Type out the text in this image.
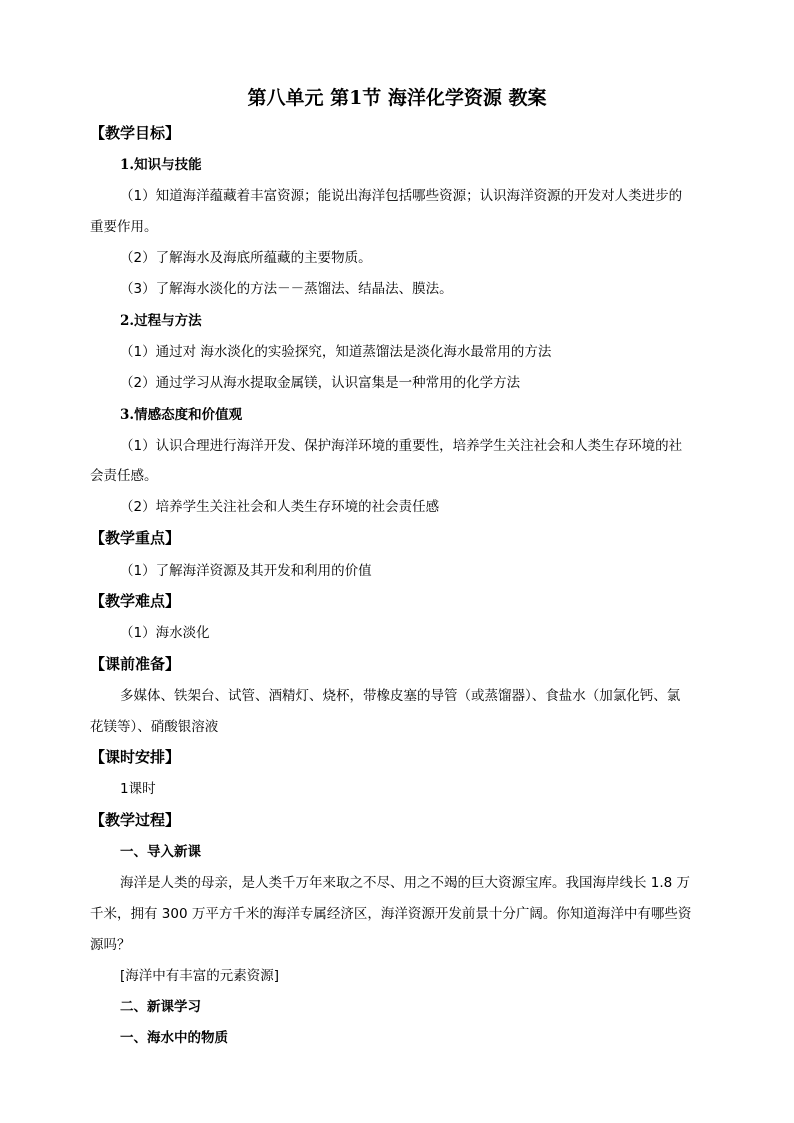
第八单元 第1节 海洋化学资源 教案
【教学目标】
1.知识与技能
（1）知道海洋蕴藏着丰富资源；能说出海洋包括哪些资源；认识海洋资源的开发对人类进步的
重要作用。
（2）了解海水及海底所蕴藏的主要物质。
（3）了解海水淡化的方法－－蒸馏法、结晶法、膜法。
2.过程与方法
（1）通过对 海水淡化的实验探究，知道蒸馏法是淡化海水最常用的方法
（2）通过学习从海水提取金属镁，认识富集是一种常用的化学方法
3.情感态度和价值观
（1）认识合理进行海洋开发、保护海洋环境的重要性，培养学生关注社会和人类生存环境的社
会责任感。
（2）培养学生关注社会和人类生存环境的社会责任感
【教学重点】
（1）了解海洋资源及其开发和利用的价值
【教学难点】
（1）海水淡化
【课前准备】
多媒体、铁架台、试管、酒精灯、烧杯，带橡皮塞的导管（或蒸馏器）、食盐水（加氯化钙、氯
花镁等）、硝酸银溶液
【课时安排】
1课时
【教学过程】
一、导入新课
海洋是人类的母亲，是人类千万年来取之不尽、用之不竭的巨大资源宝库。我国海岸线长 1.8 万
千米，拥有 300 万平方千米的海洋专属经济区，海洋资源开发前景十分广阔。你知道海洋中有哪些资
源吗？
[海洋中有丰富的元素资源]
二、新课学习
一、海水中的物质
